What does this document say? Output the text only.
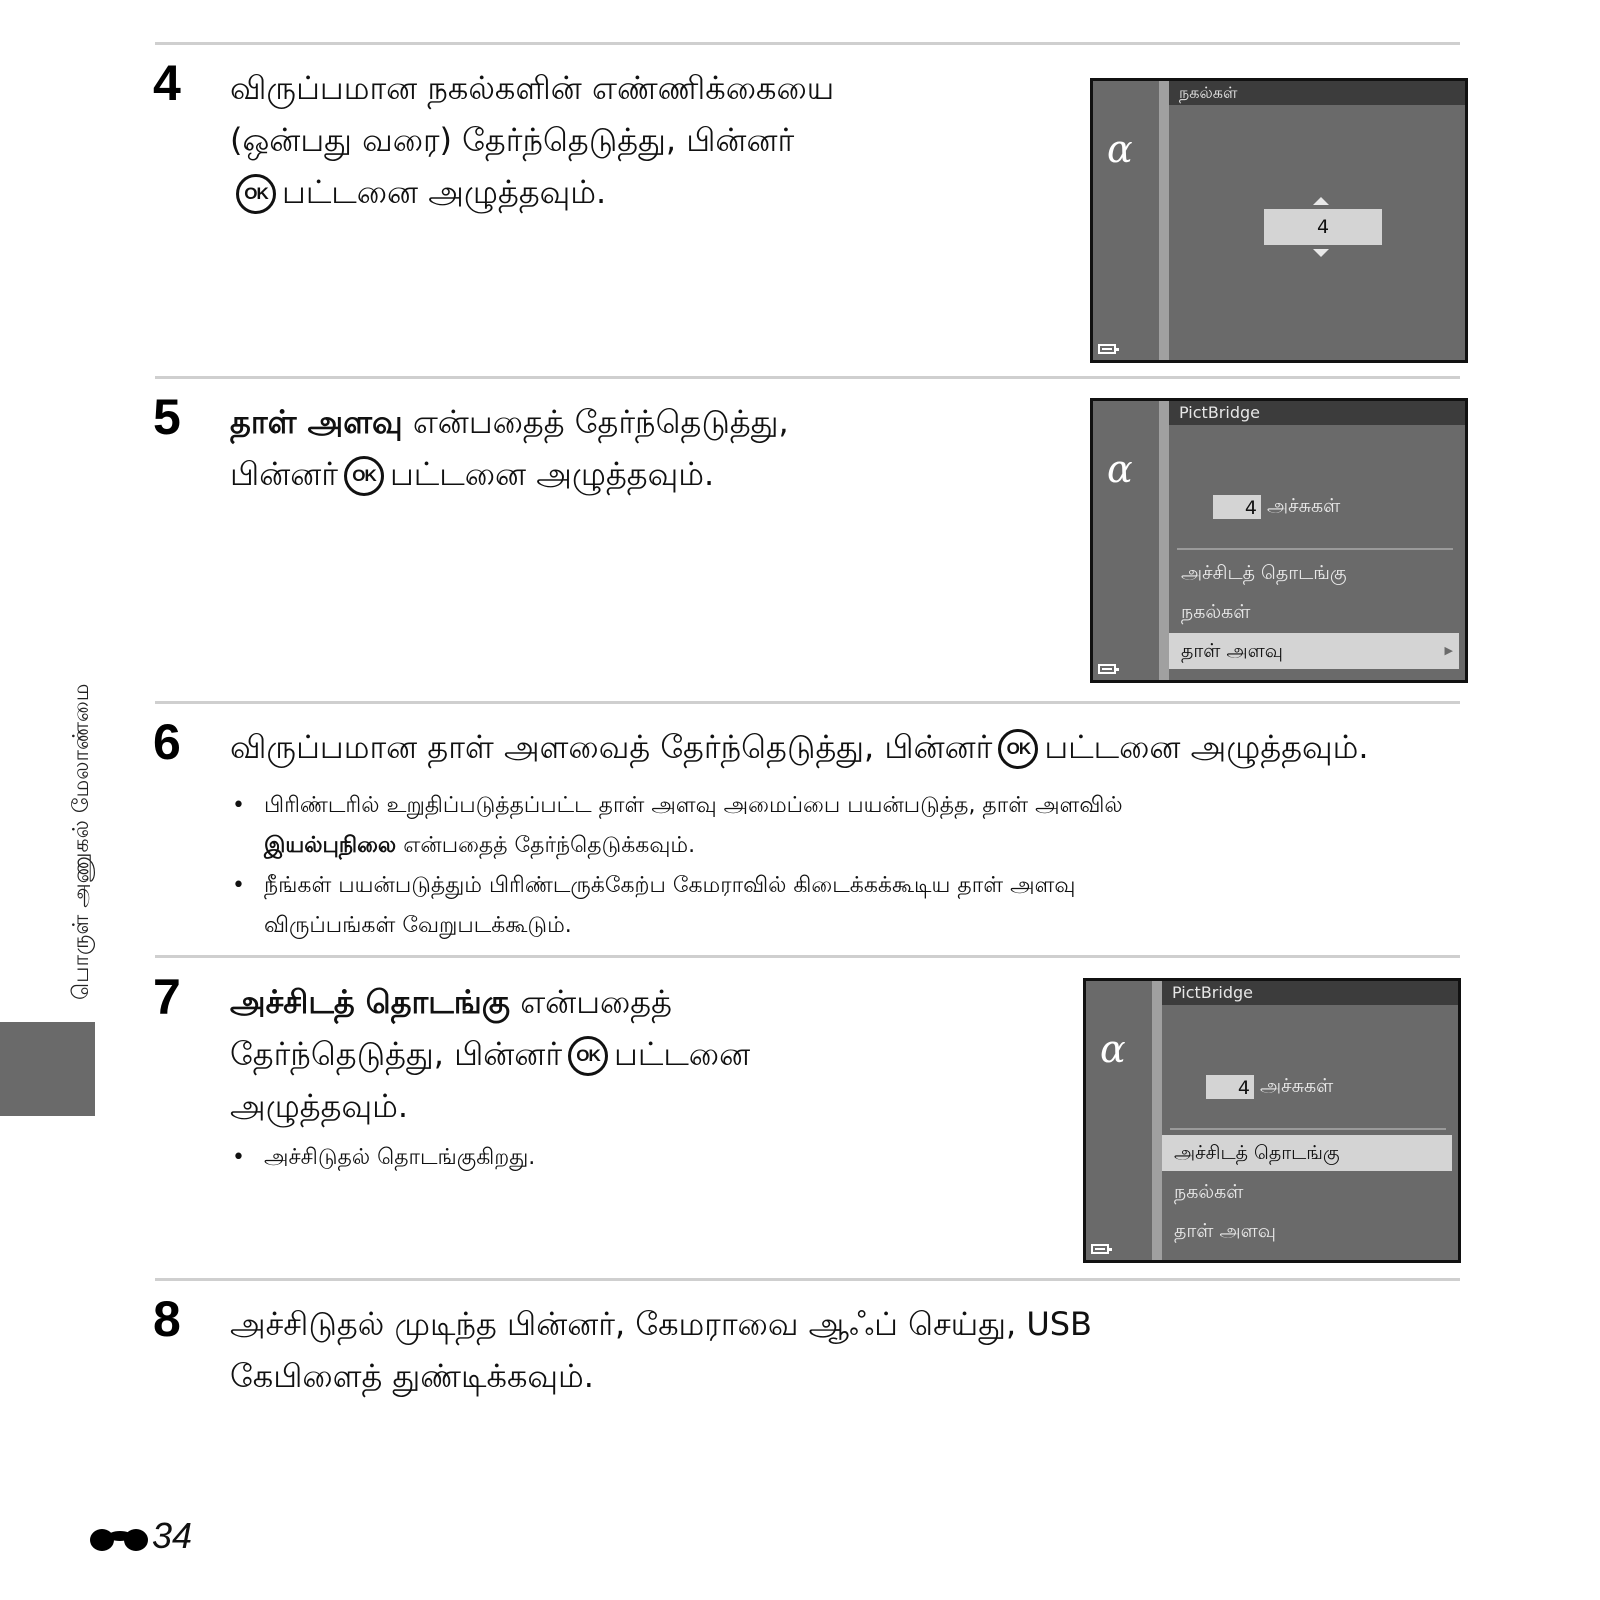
பொருள் அணுகல் மேலாண்மை
4 விருப்பமான நகல்களின் எண்ணிக்கையை
(ஒன்பது வரை) தேர்ந்தெடுத்து, பின்னர்
OK பட்டனை அழுத்தவும்.
ɑ
நகல்கள்
4
5 தாள் அளவு என்பதைத் தேர்ந்தெடுத்து,
பின்னர் OK பட்டனை அழுத்தவும்.	ɑ
PictBridge
4 அச்சுகள்
அச்சிடத் தொடங்கு
நகல்கள்
தாள் அளவு	▶
6 விருப்பமான தாள் அளவைத் தேர்ந்தெடுத்து, பின்னர் OK பட்டனை அழுத்தவும்.
• பிரிண்டரில் உறுதிப்படுத்தப்பட்ட தாள் அளவு அமைப்பை பயன்படுத்த, தாள் அளவில்
இயல்புநிலை என்பதைத் தேர்ந்தெடுக்கவும்.
• நீங்கள் பயன்படுத்தும் பிரிண்டருக்கேற்ப கேமராவில் கிடைக்கக்கூடிய தாள் அளவு
விருப்பங்கள் வேறுபடக்கூடும்.
7 அச்சிடத் தொடங்கு என்பதைத்
தேர்ந்தெடுத்து, பின்னர் OK பட்டனை
அழுத்தவும்.
• அச்சிடுதல் தொடங்குகிறது.
ɑ
PictBridge
4 அச்சுகள்
அச்சிடத் தொடங்கு
நகல்கள்
தாள் அளவு
8 அச்சிடுதல் முடிந்த பின்னர், கேமராவை ஆஃப் செய்து, USB
கேபிளைத் துண்டிக்கவும்.
34
